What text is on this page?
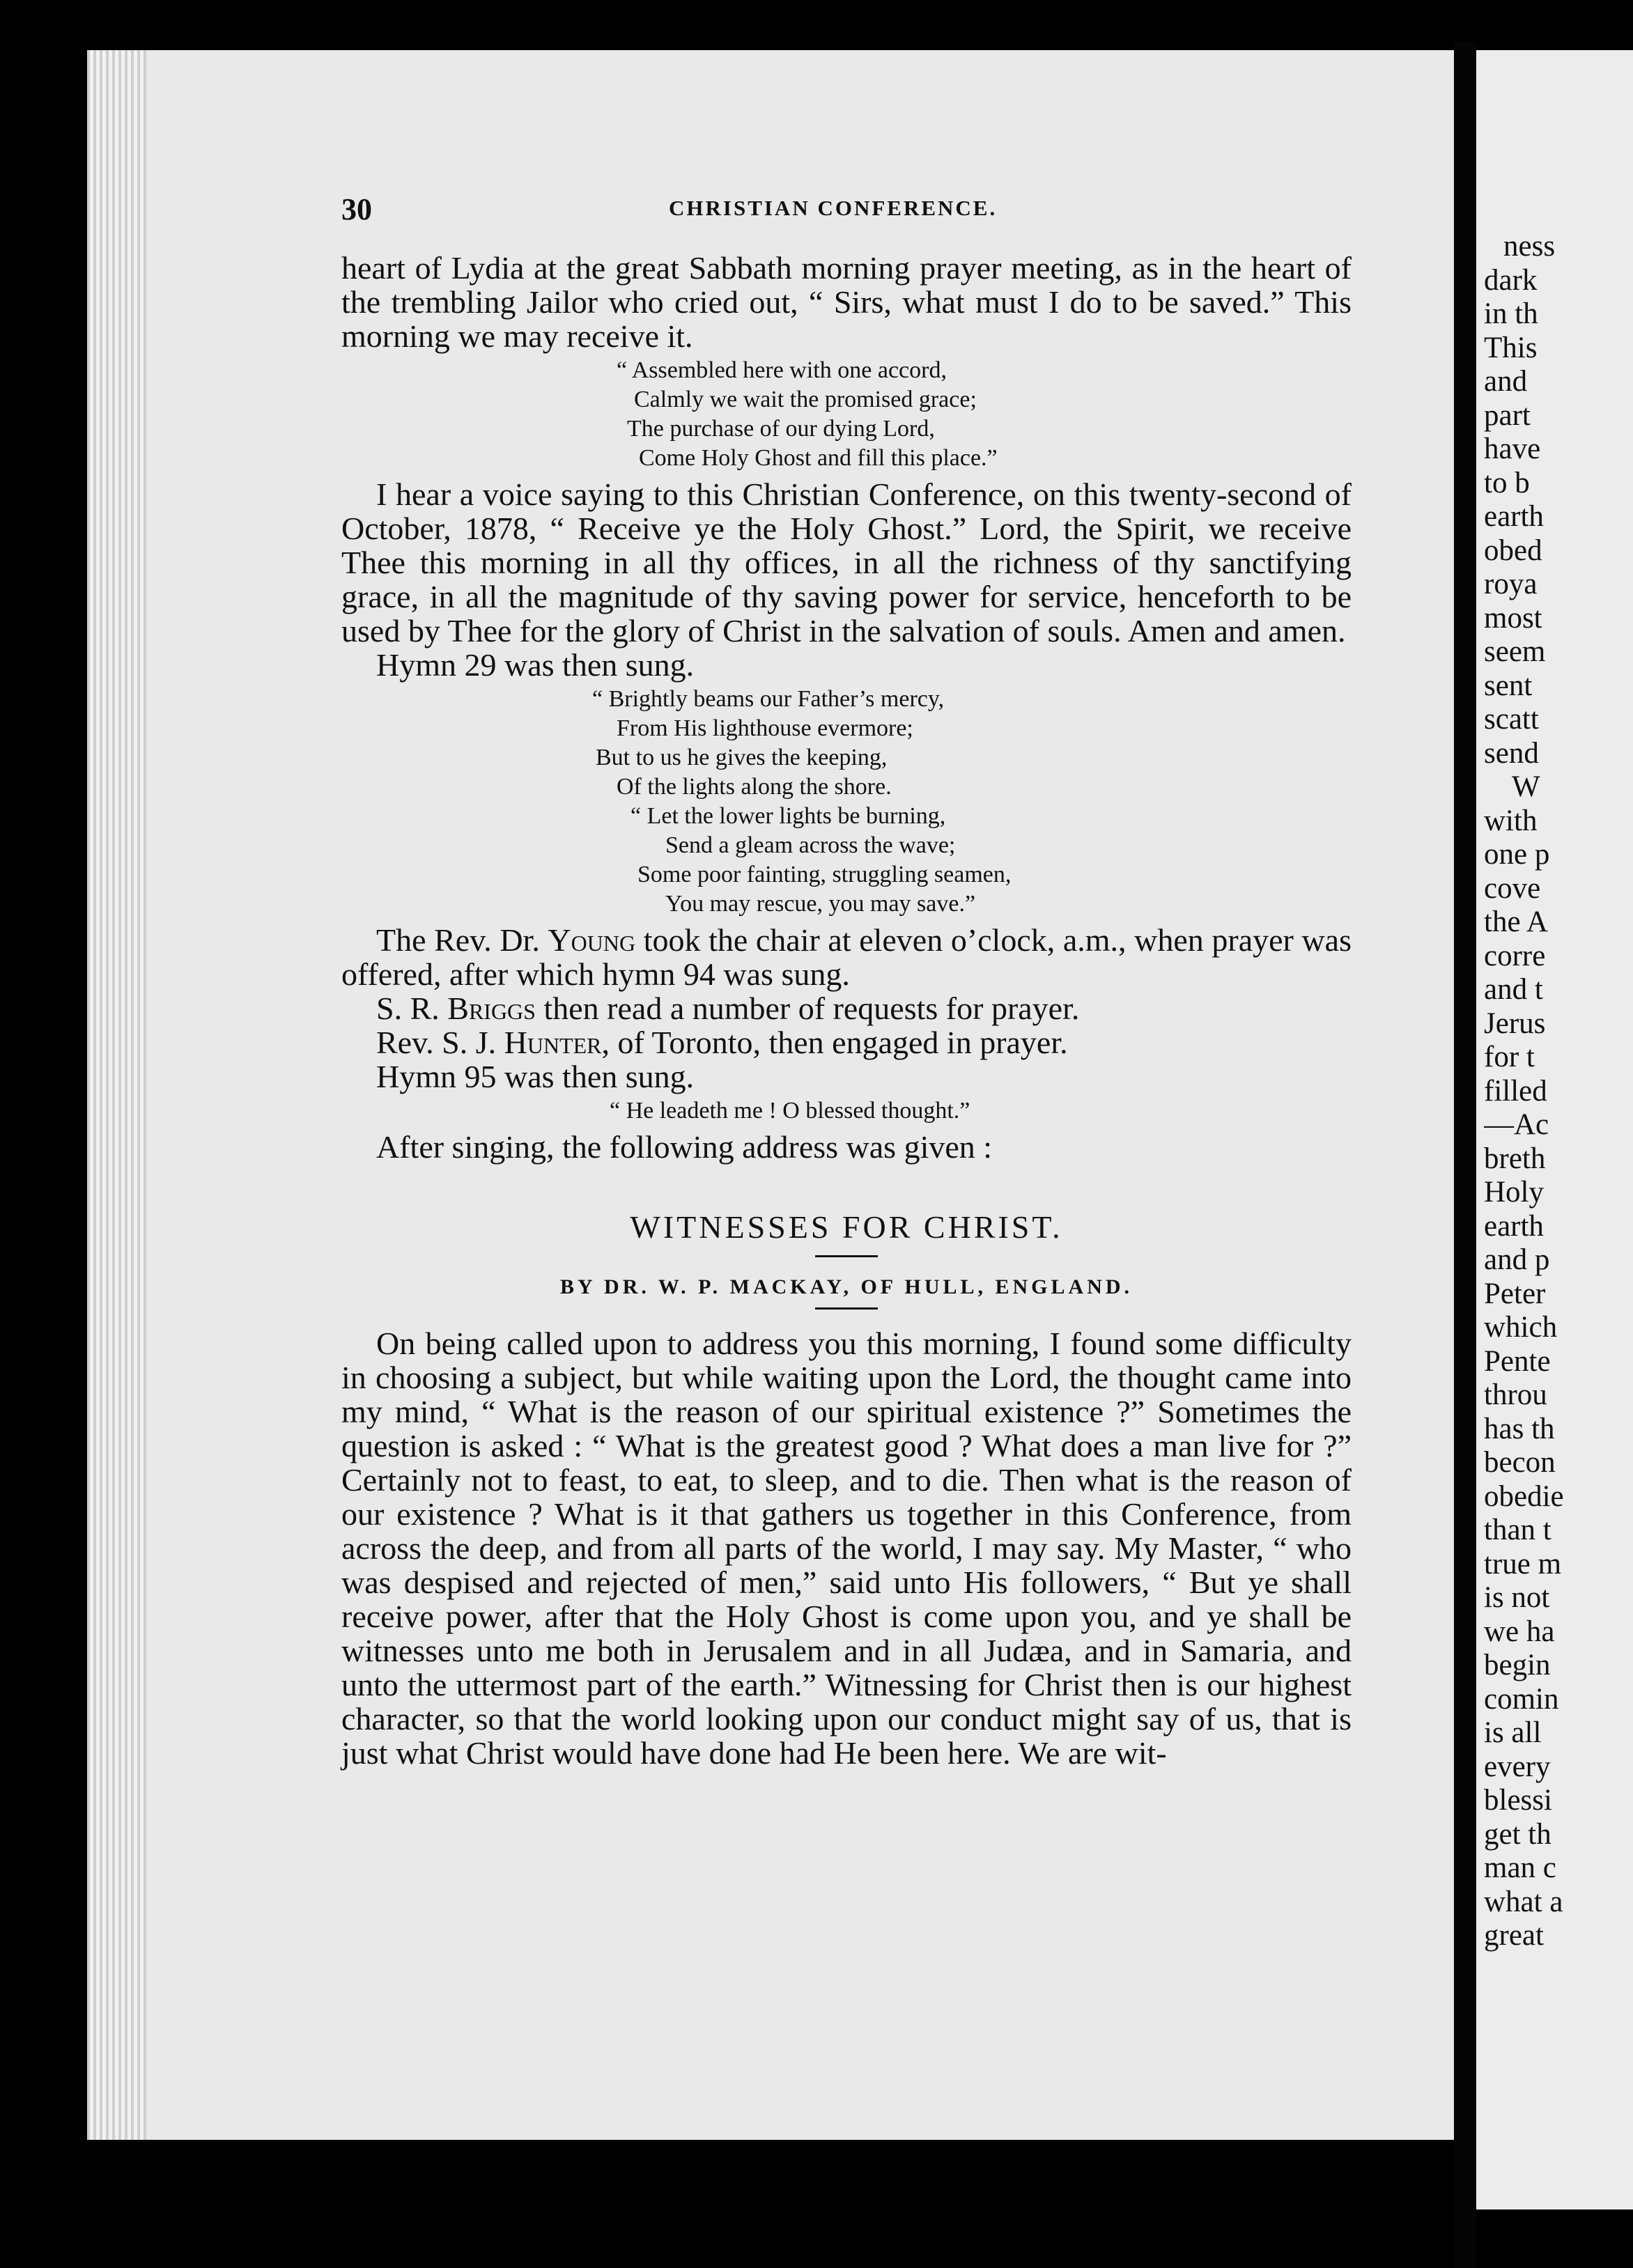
30	CHRISTIAN CONFERENCE.

heart of Lydia at the great Sabbath morning prayer meeting, as in the heart of the trembling Jailor who cried out, “ Sirs, what must I do to be saved.” This morning we may receive it.

“ Assembled here with one accord,
Calmly we wait the promised grace;
The purchase of our dying Lord,
Come Holy Ghost and fill this place.”

I hear a voice saying to this Christian Conference, on this twenty-second of October, 1878, “ Receive ye the Holy Ghost.” Lord, the Spirit, we receive Thee this morning in all thy offices, in all the richness of thy sanctifying grace, in all the magnitude of thy saving power for service, henceforth to be used by Thee for the glory of Christ in the salvation of souls. Amen and amen.

Hymn 29 was then sung.

“ Brightly beams our Father’s mercy,
From His lighthouse evermore;
But to us he gives the keeping,
Of the lights along the shore.
“ Let the lower lights be burning,
Send a gleam across the wave;
Some poor fainting, struggling seamen,
You may rescue, you may save.”

The Rev. Dr. Young took the chair at eleven o’clock, a.m., when prayer was offered, after which hymn 94 was sung.

S. R. Briggs then read a number of requests for prayer.

Rev. S. J. Hunter, of Toronto, then engaged in prayer.

Hymn 95 was then sung.

“ He leadeth me ! O blessed thought.”

After singing, the following address was given :

WITNESSES FOR CHRIST.
BY DR. W. P. MACKAY, OF HULL, ENGLAND.

On being called upon to address you this morning, I found some difficulty in choosing a subject, but while waiting upon the Lord, the thought came into my mind, “ What is the reason of our spiritual existence ?” Sometimes the question is asked : “ What is the greatest good ? What does a man live for ?” Certainly not to feast, to eat, to sleep, and to die. Then what is the reason of our existence ? What is it that gathers us together in this Conference, from across the deep, and from all parts of the world, I may say. My Master, “ who was despised and rejected of men,” said unto His followers, “ But ye shall receive power, after that the Holy Ghost is come upon you, and ye shall be witnesses unto me both in Jerusalem and in all Judæa, and in Samaria, and unto the uttermost part of the earth.” Witnessing for Christ then is our highest character, so that the world looking upon our conduct might say of us, that is just what Christ would have done had He been here. We are wit-

ness
dark
in th
This
and
part
have
to b
earth
obed
roya
most
seem
sent
scatt
send
W
with
one p
cove
the A
corre
and t
Jerus
for t
filled
—Ac
breth
Holy
earth
and p
Peter
which
Pente
throu
has th
becon
obedie
than t
true m
is not
we ha
begin
comin
is all
every
blessi
get th
man c
what a
great
